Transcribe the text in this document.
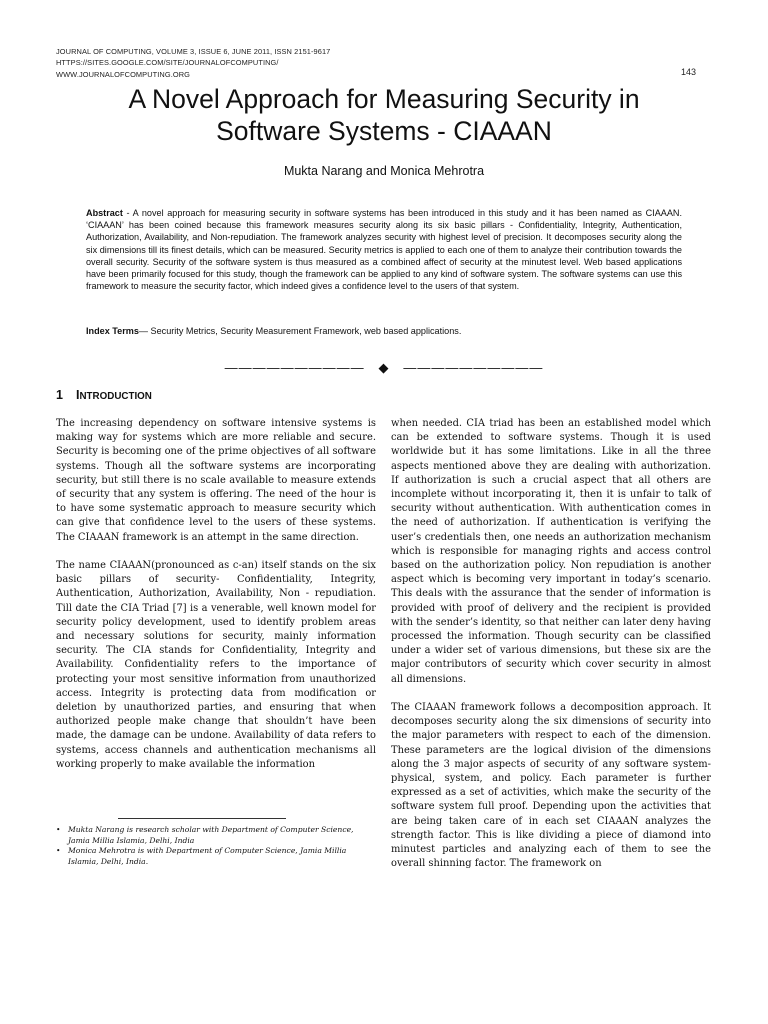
JOURNAL OF COMPUTING, VOLUME 3, ISSUE 6, JUNE 2011, ISSN 2151-9617
HTTPS://SITES.GOOGLE.COM/SITE/JOURNALOFCOMPUTING/
WWW.JOURNALOFCOMPUTING.ORG	143
A Novel Approach for Measuring Security in
Software Systems - CIAAAN
Mukta Narang and Monica Mehrotra

Abstract - A novel approach for measuring security in software systems has been introduced in this study and it has been named as CIAAAN. ‘CIAAAN’ has been coined because this framework measures security along its six basic pillars - Confidentiality, Integrity, Authentication, Authorization, Availability, and Non-repudiation. The framework analyzes security with highest level of precision. It decomposes security along the six dimensions till its finest details, which can be measured. Security metrics is applied to each one of them to analyze their contribution towards the overall security. Security of the software system is thus measured as a combined affect of security at the minutest level. Web based applications have been primarily focused for this study, though the framework can be applied to any kind of software system. The software systems can use this framework to measure the security factor, which indeed gives a confidence level to the users of that system.

Index Terms— Security Metrics, Security Measurement Framework, web based applications.

——————————   ◆   ——————————
1 INTRODUCTION

The increasing dependency on software intensive systems is making way for systems which are more reliable and secure. Security is becoming one of the prime objectives of all software systems. Though all the software systems are incorporating security, but still there is no scale available to measure extends of security that any system is offering. The need of the hour is to have some systematic approach to measure security which can give that confidence level to the users of these systems. The CIAAAN framework is an attempt in the same direction.

The name CIAAAN(pronounced as c-an) itself stands on the six basic pillars of security- Confidentiality, Integrity, Authentication, Authorization, Availability, Non - repudiation. Till date the CIA Triad [7] is a venerable, well known model for security policy development, used to identify problem areas and necessary solutions for security, mainly information security. The CIA stands for Confidentiality, Integrity and Availability. Confidentiality refers to the importance of protecting your most sensitive information from unauthorized access. Integrity is protecting data from modification or deletion by unauthorized parties, and ensuring that when authorized people make change that shouldn’t have been made, the damage can be undone. Availability of data refers to systems, access channels and authentication mechanisms all working properly to make available the information

when needed. CIA triad has been an established model which can be extended to software systems. Though it is used worldwide but it has some limitations. Like in all the three aspects mentioned above they are dealing with authorization. If authorization is such a crucial aspect that all others are incomplete without incorporating it, then it is unfair to talk of security without authentication. With authentication comes in the need of authorization. If authentication is verifying the user’s credentials then, one needs an authorization mechanism which is responsible for managing rights and access control based on the authorization policy. Non repudiation is another aspect which is becoming very important in today’s scenario. This deals with the assurance that the sender of information is provided with proof of delivery and the recipient is provided with the sender’s identity, so that neither can later deny having processed the information. Though security can be classified under a wider set of various dimensions, but these six are the major contributors of security which cover security in almost all dimensions.

The CIAAAN framework follows a decomposition approach. It decomposes security along the six dimensions of security into the major parameters with respect to each of the dimension. These parameters are the logical division of the dimensions along the 3 major aspects of security of any software system- physical, system, and policy. Each parameter is further expressed as a set of activities, which make the security of the software system full proof. Depending upon the activities that are being taken care of in each set CIAAAN analyzes the strength factor. This is like dividing a piece of diamond into minutest particles and analyzing each of them to see the overall shinning factor. The framework on

• Mukta Narang is research scholar with Department of Computer Science, Jamia Millia Islamia, Delhi, India

• Monica Mehrotra is with Department of Computer Science, Jamia Millia Islamia, Delhi, India.
